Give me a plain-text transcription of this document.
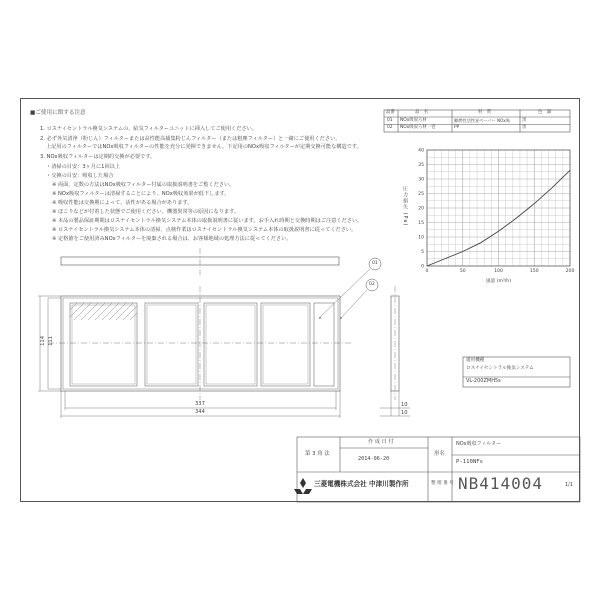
■ご使用に関する注意
1. ロスナイセントラル換気システムの、給気フィルターユニットに挿入してご使用ください。
2. 必ず外気清浄（粉じん）フィルターまたは高性能高捕集粉じんフィルター（または粗塵フィルター）と一緒にご使用ください。
上記用のフィルターではNOx吸収フィルターの性能を充分に発揮できません。下記用のNOx吸収フィルターが定期交換可能な構造です。
3. NOx吸収フィルターは定期的交換が必要です。
・清掃の目安：3ヶ月に1回以上
・交換の目安：吸収した場合
※ 両面、定数の方法はNOx吸収フィルター付属の取扱説明書をご覧ください。
※ NOx吸収フィルターは清掃することにより、NOx吸収効果が低下します。
※ 吸収性能は交換期によって、活性がある場合があります。
※ ほこりなどが付着した状態でご使用ください。機器異常等の原因になります。
※ 本品の製品保証期間はロスナイセントラル換気システム本体の取扱説明書に従います。お手入れ時期と交換時期はご注意ください。
※ ロスナイセントラル換気システム本体の清掃、点検作業はロスナイセントラル換気システム本体の取扱説明書に従ってください。
※ 定格値をご使用済みNOxフィルターを廃棄される場合は、お客様地域の処理方法に従ってください。
品番	品　名	材　質	色　調
01 NOx吸収ろ材	難燃性活性炭ペーパー NOx吸	黒
02 NOx吸収ろ材一巻	PP	黒
0	50	100	150	200
0
5
10
15
20
25
30
35
40
圧力損失 (Pa)
風量 (m³/h)
01
02
337
344
114 111
10
10
適用機種
ロスナイセントラル換気システム
VL-200ZMH5s
第 3 角 法
作 成 日 付
2014-06-20
形名
NOx吸収フィルター
P-110NFs
三菱電機株式会社 中津川製作所	整 理 番 号 NB414004	1/1
